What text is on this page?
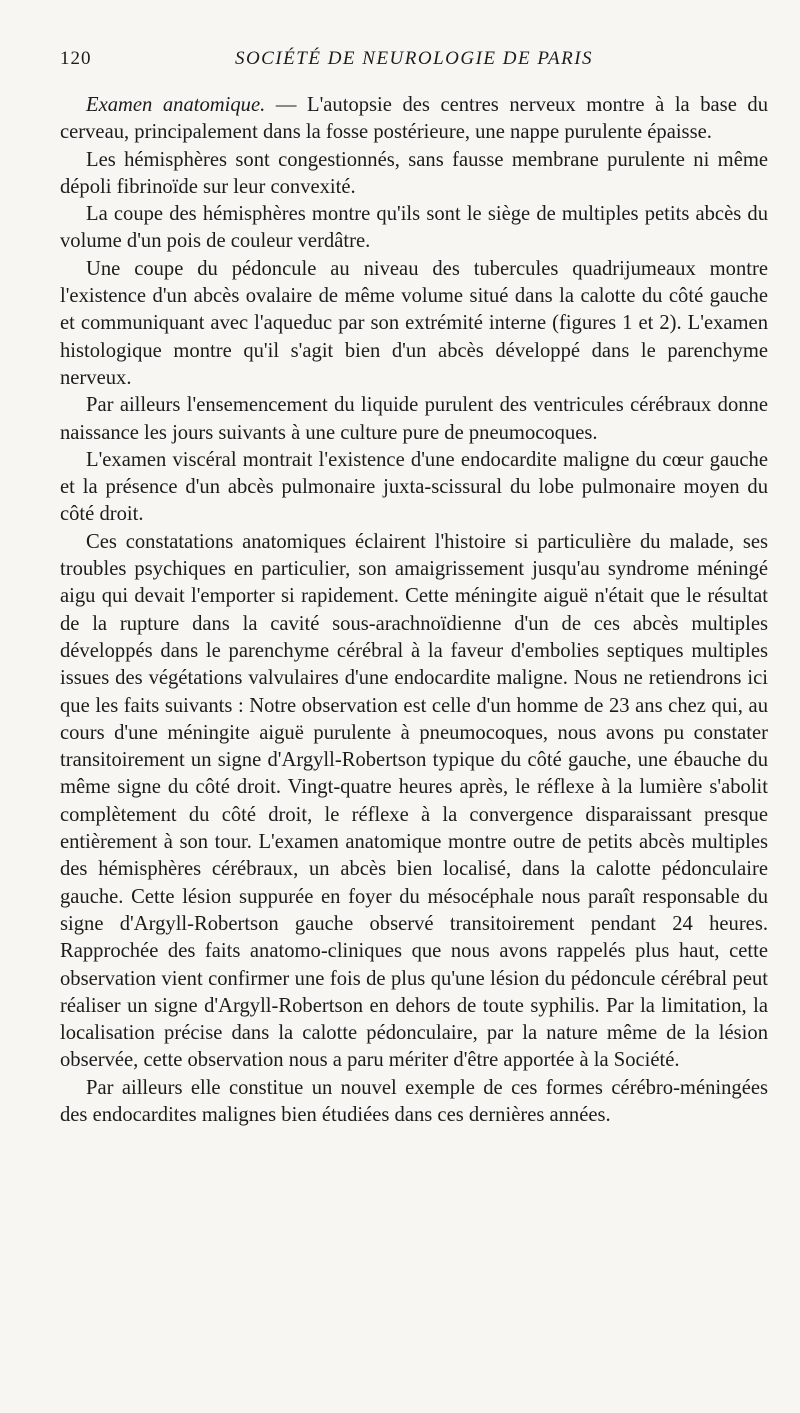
120	SOCIÉTÉ DE NEUROLOGIE DE PARIS

Examen anatomique. — L'autopsie des centres nerveux montre à la base du cerveau, principalement dans la fosse postérieure, une nappe purulente épaisse.

Les hémisphères sont congestionnés, sans fausse membrane purulente ni même dépoli fibrinoïde sur leur convexité.

La coupe des hémisphères montre qu'ils sont le siège de multiples petits abcès du volume d'un pois de couleur verdâtre.

Une coupe du pédoncule au niveau des tubercules quadrijumeaux montre l'existence d'un abcès ovalaire de même volume situé dans la calotte du côté gauche et communiquant avec l'aqueduc par son extrémité interne (figures 1 et 2). L'examen histologique montre qu'il s'agit bien d'un abcès développé dans le parenchyme nerveux.

Par ailleurs l'ensemencement du liquide purulent des ventricules cérébraux donne naissance les jours suivants à une culture pure de pneumocoques.

L'examen viscéral montrait l'existence d'une endocardite maligne du cœur gauche et la présence d'un abcès pulmonaire juxta-scissural du lobe pulmonaire moyen du côté droit.

Ces constatations anatomiques éclairent l'histoire si particulière du malade, ses troubles psychiques en particulier, son amaigrissement jusqu'au syndrome méningé aigu qui devait l'emporter si rapidement. Cette méningite aiguë n'était que le résultat de la rupture dans la cavité sous-arachnoïdienne d'un de ces abcès multiples développés dans le parenchyme cérébral à la faveur d'embolies septiques multiples issues des végétations valvulaires d'une endocardite maligne. Nous ne retiendrons ici que les faits suivants : Notre observation est celle d'un homme de 23 ans chez qui, au cours d'une méningite aiguë purulente à pneumocoques, nous avons pu constater transitoirement un signe d'Argyll-Robertson typique du côté gauche, une ébauche du même signe du côté droit. Vingt-quatre heures après, le réflexe à la lumière s'abolit complètement du côté droit, le réflexe à la convergence disparaissant presque entièrement à son tour. L'examen anatomique montre outre de petits abcès multiples des hémisphères cérébraux, un abcès bien localisé, dans la calotte pédonculaire gauche. Cette lésion suppurée en foyer du mésocéphale nous paraît responsable du signe d'Argyll-Robertson gauche observé transitoirement pendant 24 heures. Rapprochée des faits anatomo-cliniques que nous avons rappelés plus haut, cette observation vient confirmer une fois de plus qu'une lésion du pédoncule cérébral peut réaliser un signe d'Argyll-Robertson en dehors de toute syphilis. Par la limitation, la localisation précise dans la calotte pédonculaire, par la nature même de la lésion observée, cette observation nous a paru mériter d'être apportée à la Société.

Par ailleurs elle constitue un nouvel exemple de ces formes cérébro-méningées des endocardites malignes bien étudiées dans ces dernières années.
